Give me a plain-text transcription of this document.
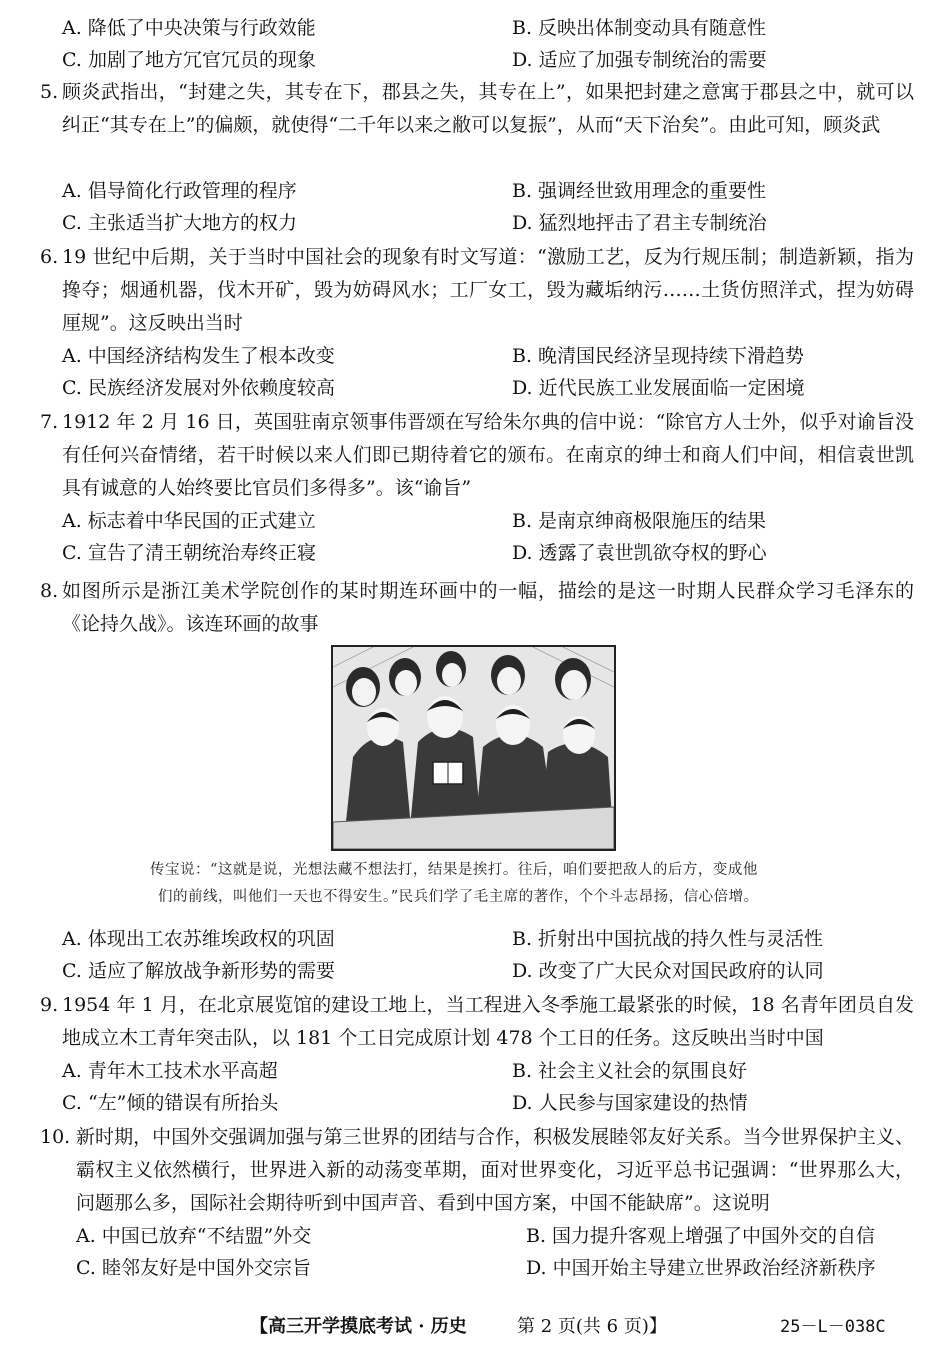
A. 降低了中央决策与行政效能	B. 反映出体制变动具有随意性
C. 加剧了地方冗官冗员的现象	D. 适应了加强专制统治的需要
5. 顾炎武指出，“封建之失，其专在下，郡县之失，其专在上”，如果把封建之意寓于郡县之中，就可以纠正“其专在上”的偏颇，就使得“二千年以来之敝可以复振”，从而“天下治矣”。由此可知，顾炎武
A. 倡导简化行政管理的程序	B. 强调经世致用理念的重要性
C. 主张适当扩大地方的权力	D. 猛烈地抨击了君主专制统治
6. 19 世纪中后期，关于当时中国社会的现象有时文写道：“激励工艺，反为行规压制；制造新颖，指为搀夺；烟通机器，伐木开矿，毁为妨碍风水；工厂女工，毁为藏垢纳污……土货仿照洋式，捏为妨碍厘规”。这反映出当时
A. 中国经济结构发生了根本改变	B. 晚清国民经济呈现持续下滑趋势
C. 民族经济发展对外依赖度较高	D. 近代民族工业发展面临一定困境
7. 1912 年 2 月 16 日，英国驻南京领事伟晋颂在写给朱尔典的信中说：“除官方人士外，似乎对谕旨没有任何兴奋情绪，若干时候以来人们即已期待着它的颁布。在南京的绅士和商人们中间，相信袁世凯具有诚意的人始终要比官员们多得多”。该“谕旨”
A. 标志着中华民国的正式建立	B. 是南京绅商极限施压的结果
C. 宣告了清王朝统治寿终正寝	D. 透露了袁世凯欲夺权的野心
8. 如图所示是浙江美术学院创作的某时期连环画中的一幅，描绘的是这一时期人民群众学习毛泽东的《论持久战》。该连环画的故事
传宝说：“这就是说，光想法藏不想法打，结果是挨打。往后，咱们要把敌人的后方，变成他
们的前线，叫他们一天也不得安生。”民兵们学了毛主席的著作，个个斗志昂扬，信心倍增。
A. 体现出工农苏维埃政权的巩固	B. 折射出中国抗战的持久性与灵活性
C. 适应了解放战争新形势的需要	D. 改变了广大民众对国民政府的认同
9. 1954 年 1 月，在北京展览馆的建设工地上，当工程进入冬季施工最紧张的时候，18 名青年团员自发地成立木工青年突击队，以 181 个工日完成原计划 478 个工日的任务。这反映出当时中国
A. 青年木工技术水平高超	B. 社会主义社会的氛围良好
C. “左”倾的错误有所抬头	D. 人民参与国家建设的热情
10. 新时期，中国外交强调加强与第三世界的团结与合作，积极发展睦邻友好关系。当今世界保护主义、霸权主义依然横行，世界进入新的动荡变革期，面对世界变化，习近平总书记强调：“世界那么大，问题那么多，国际社会期待听到中国声音、看到中国方案，中国不能缺席”。这说明
A. 中国已放弃“不结盟”外交	B. 国力提升客观上增强了中国外交的自信
C. 睦邻友好是中国外交宗旨	D. 中国开始主导建立世界政治经济新秩序
【高三开学摸底考试 · 历史	第 2 页(共 6 页)】	25－L－038C
